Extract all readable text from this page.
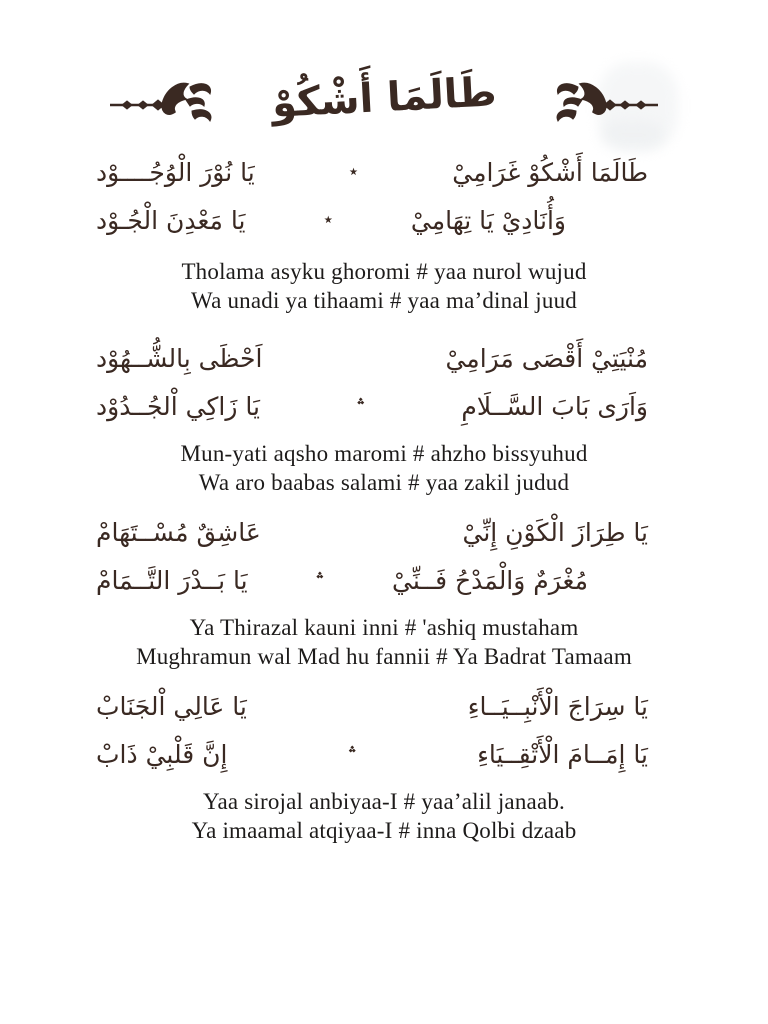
طَالَمَا أَشْكُوْ
طَالَمَا أَشْكُوْ غَرَامِيْ
٭
يَا نُوْرَ الْوُجُــــوْد
وَأُنَادِيْ يَا تِهَامِيْ
٭
يَا مَعْدِنَ الْجُـوْد
Tholama asyku ghoromi # yaa nurol wujud
Wa unadi ya tihaami # yaa ma’dinal juud
مُنْيَتِيْ أَقْصَى مَرَامِيْ
اَحْظَى بِالشُّــهُوْد
وَاَرَى بَابَ السَّــلَامِ
؞
يَا زَاكِي اْلجُــدُوْد
Mun-yati aqsho maromi # ahzho bissyuhud
Wa aro baabas salami # yaa zakil judud
يَا طِرَازَ الْكَوْنِ إِنِّيْ
عَاشِقٌ مُسْــتَهَامْ
مُغْرَمٌ وَالْمَدْحُ فَــنِّيْ
؞
يَا بَــدْرَ التَّــمَامْ
Ya Thirazal kauni inni # 'ashiq mustaham
Mughramun wal Mad hu fannii # Ya Badrat Tamaam
يَا سِرَاجَ الْأَنْبِــيَــاءِ
يَا عَالِي اْلجَنَابْ
يَا إِمَــامَ الْأَتْقِــيَاءِ
؞
إِنَّ قَلْبِيْ ذَابْ
Yaa sirojal anbiyaa-I # yaa’alil janaab.
Ya imaamal atqiyaa-I # inna Qolbi dzaab
